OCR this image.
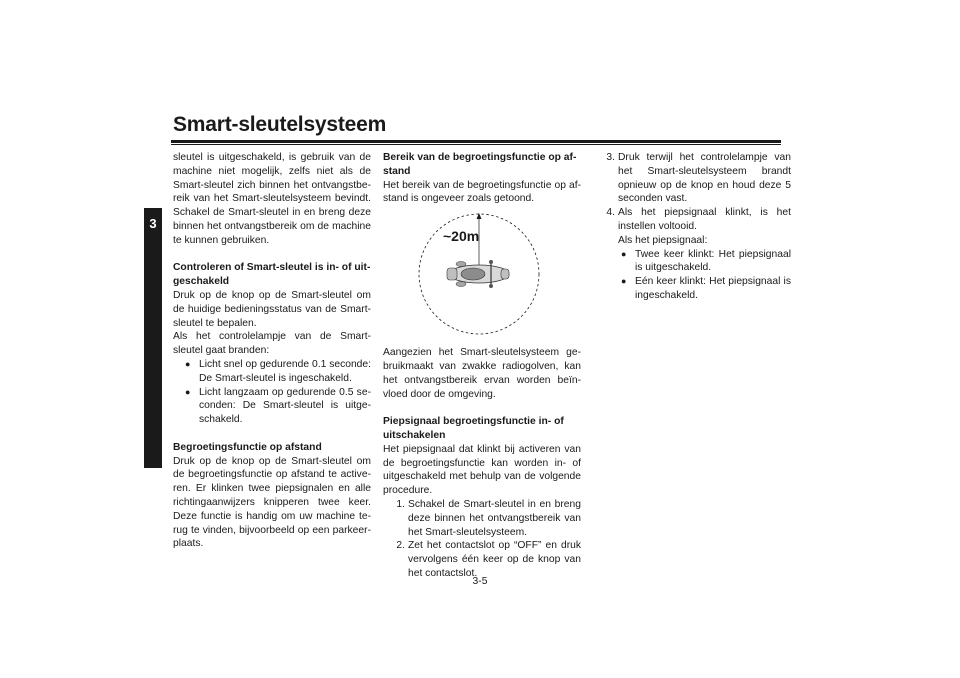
Smart-sleutelsysteem
3

sleutel is uitgeschakeld, is gebruik van de machine niet mogelijk, zelfs niet als de Smart-sleutel zich binnen het ontvangstbereik van het Smart-sleutelsysteem bevindt. Schakel de Smart-sleutel in en breng deze binnen het ontvangstbereik om de machine te kunnen gebruiken.

Controleren of Smart-sleutel is in- of uitgeschakeld

Druk op de knop op de Smart-sleutel om de huidige bedieningsstatus van de Smart-sleutel te bepalen.

Als het controlelampje van de Smart-sleutel gaat branden:

● Licht snel op gedurende 0.1 seconde: De Smart-sleutel is ingeschakeld.
● Licht langzaam op gedurende 0.5 seconden: De Smart-sleutel is uitgeschakeld.

Begroetingsfunctie op afstand

Druk op de knop op de Smart-sleutel om de begroetingsfunctie op afstand te activeren. Er klinken twee piepsignalen en alle richtingaanwijzers knipperen twee keer. Deze functie is handig om uw machine terug te vinden, bijvoorbeeld op een parkeerplaats.

Bereik van de begroetingsfunctie op afstand

Het bereik van de begroetingsfunctie op afstand is ongeveer zoals getoond.

~20m

Aangezien het Smart-sleutelsysteem gebruikmaakt van zwakke radiogolven, kan het ontvangstbereik ervan worden beïnvloed door de omgeving.

Piepsignaal begroetingsfunctie in- of uitschakelen

Het piepsignaal dat klinkt bij activeren van de begroetingsfunctie kan worden in- of uitgeschakeld met behulp van de volgende procedure.

1. Schakel de Smart-sleutel in en breng deze binnen het ontvangstbereik van het Smart-sleutelsysteem.
2. Zet het contactslot op “OFF” en druk vervolgens één keer op de knop van het contactslot.
3. Druk terwijl het controlelampje van het Smart-sleutelsysteem brandt opnieuw op de knop en houd deze 5 seconden vast.
4. Als het piepsignaal klinkt, is het instellen voltooid.

Als het piepsignaal:

● Twee keer klinkt: Het piepsignaal is uitgeschakeld.
● Eén keer klinkt: Het piepsignaal is ingeschakeld.
3-5
